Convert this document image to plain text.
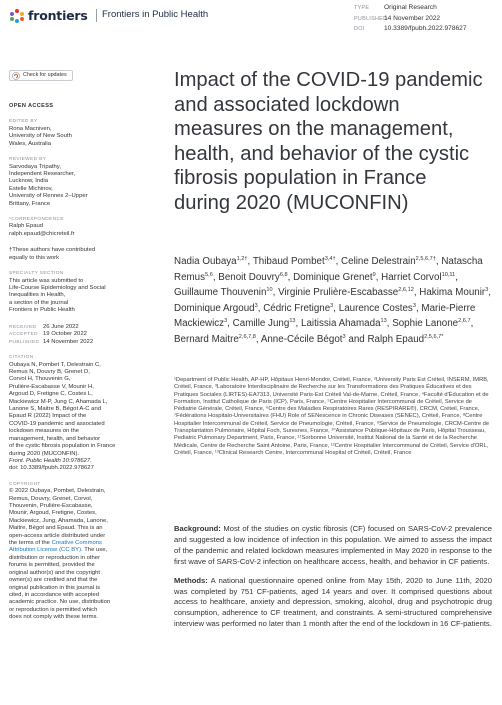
frontiers Frontiers in Public Health
TYPE Original Research
PUBLISHED14 November 2022
DOI	10.3389/fpubh.2022.978627
Check for updates
OPEN ACCESS
EDITED BY
Rona Macniven,
University of New South
Wales, Australia
REVIEWED BY
Sarvodaya Tripathy,
Independent Researcher,
Lucknow, India
Estelle Michinov,
University of Rennes 2–Upper
Brittany, France
*CORRESPONDENCE
Ralph Epaud
ralph.epaud@chicreteil.fr
†These authors have contributed
equally to this work
SPECIALTY SECTION
This article was submitted to
Life-Course Epidemiology and Social
Inequalities in Health,
a section of the journal
Frontiers in Public Health
RECEIVED 26 June 2022
ACCEPTED 19 October 2022
PUBLISHED 14 November 2022
CITATION
Oubaya N, Pombet T, Delestrain C,
Remus N, Douvry B, Grenet D,
Corvol H, Thouvenin G,
Prulière-Escabasse V, Mounir H,
Argoud D, Fretigne C, Costes L,
Mackiewicz M-P, Jung C, Ahamada L,
Lanone S, Maitre B, Bégot A-C and
Epaud R (2022) Impact of the
COVID-19 pandemic and associated
lockdown measures on the
management, health, and behavior
of the cystic fibrosis population in France
during 2020 (MUCONFIN).
Front. Public Health 10:978627.
doi: 10.3389/fpubh.2022.978627
COPYRIGHT
© 2022 Oubaya, Pombet, Delestrain,
Remus, Douvry, Grenet, Corvol,
Thouvenin, Prulière-Escabasse,
Mounir, Argoud, Fretigne, Costes,
Mackiewicz, Jung, Ahamada, Lanone,
Maitre, Bégot and Epaud. This is an
open-access article distributed under
the terms of the Creative Commons
Attribution License (CC BY). The use,
distribution or reproduction in other
forums is permitted, provided the
original author(s) and the copyright
owner(s) are credited and that the
original publication in this journal is
cited, in accordance with accepted
academic practice. No use, distribution
or reproduction is permitted which
does not comply with these terms.
Impact of the COVID-19 pandemic and associated lockdown measures on the management, health, and behavior of the cystic fibrosis population in France during 2020 (MUCONFIN)
Nadia Oubaya$^{1,2\dagger}$, Thibaud Pombet$^{3,4\dagger}$, Celine Delestrain$^{2,5,6,7\dagger}$, Natascha Remus$^{5,6}$, Benoit Douvry$^{6,8}$, Dominique Grenet$^9$, Harriet Corvol$^{10,11}$, Guillaume Thouvenin$^{10}$, Virginie Prulière-Escabasse$^{2,6,12}$, Hakima Mounir$^3$, Dominique Argoud$^3$, Cédric Fretigne$^3$, Laurence Costes$^3$, Marie-Pierre Mackiewicz$^3$, Camille Jung$^{13}$, Laitissia Ahamada$^{13}$, Sophie Lanone$^{2,6,7}$, Bernard Maitre$^{2,6,7,8}$, Anne-Cécile Bégot$^3$ and Ralph Epaud$^{2,5,6,7*}$
¹Department of Public Health, AP-HP, Hôpitaux Henri-Mondor, Créteil, France, ²University Paris Est Créteil, INSERM, IMRB, Créteil, France, ³Laboratoire Interdisciplinaire de Recherche sur les Transformations des Pratiques Éducatives et des Pratiques Sociales (LIRTES)-EA7313, Université Paris-Est Créteil Val-de-Marne, Créteil, France, ⁴Faculté d'Éducation et de Formation, Institut Catholique de Paris (ICP), Paris, France, ⁵Centre Hospitalier Intercommunal de Créteil, Service de Pédiatrie Générale, Créteil, France, ⁶Centre des Maladies Respiratoires Rares (RESPIRARE®), CRCM, Créteil, France, ⁷Fédérations Hospitalo-Universitaires (FHU) Role of SENescence in Chronic Diseases (SENEC), Créteil, France, ⁸Centre Hospitalier Intercommunal de Créteil, Service de Pneumologie, Créteil, France, ⁹Service de Pneumologie, CRCM-Centre de Transplantation Pulmonaire, Hôpital Foch, Suresnes, France, ¹⁰Assistance Publique-Hôpitaux de Paris, Hôpital Trousseau, Pediatric Pulmonary Department, Paris, France, ¹¹Sorbonne Université, Institut National de la Santé et de la Recherche Médicale, Centre de Recherche Saint Antoine, Paris, France, ¹²Centre Hospitalier Intercommunal de Créteil, Service d'ORL, Créteil, France, ¹³Clinical Research Centre, Intercommunal Hospital of Créteil, Créteil, France

Background: Most of the studies on cystic fibrosis (CF) focused on SARS-CoV-2 prevalence and suggested a low incidence of infection in this population. We aimed to assess the impact of the pandemic and related lockdown measures implemented in May 2020 in response to the first wave of SARS-CoV-2 infection on healthcare access, health, and behavior in CF patients.

Methods: A national questionnaire opened online from May 15th, 2020 to June 11th, 2020 was completed by 751 CF-patients, aged 14 years and over. It comprised questions about access to healthcare, anxiety and depression, smoking, alcohol, drug and psychotropic drug consumption, adherence to CF treatment, and constraints. A semi-structured comprehensive interview was performed no later than 1 month after the end of the lockdown in 16 CF-patients.
